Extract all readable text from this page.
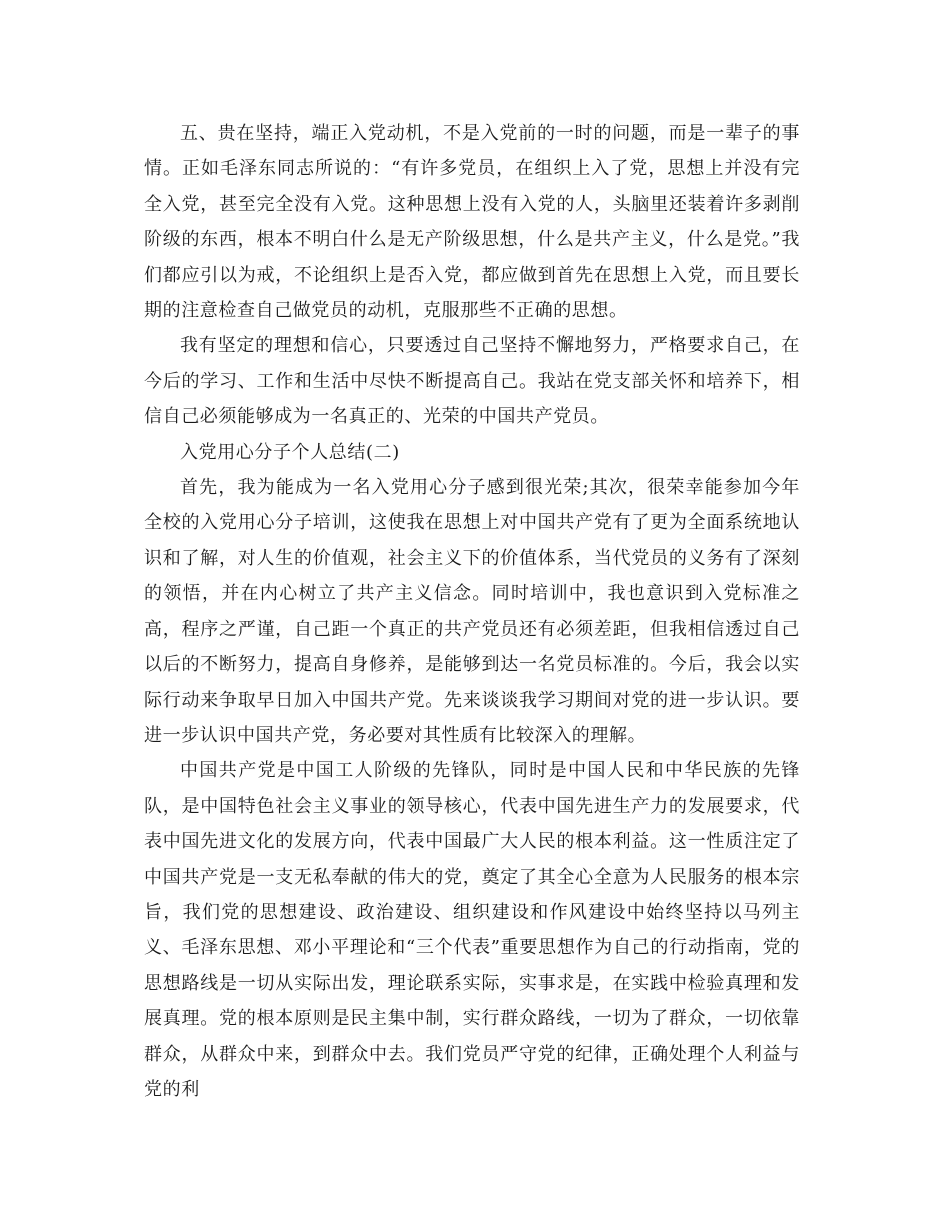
五、贵在坚持，端正入党动机，不是入党前的一时的问题，而是一辈子的事情。正如毛泽东同志所说的：“有许多党员，在组织上入了党，思想上并没有完全入党，甚至完全没有入党。这种思想上没有入党的人，头脑里还装着许多剥削阶级的东西，根本不明白什么是无产阶级思想，什么是共产主义，什么是党。”我们都应引以为戒，不论组织上是否入党，都应做到首先在思想上入党，而且要长期的注意检查自己做党员的动机，克服那些不正确的思想。

我有坚定的理想和信心，只要透过自己坚持不懈地努力，严格要求自己，在今后的学习、工作和生活中尽快不断提高自己。我站在党支部关怀和培养下，相信自己必须能够成为一名真正的、光荣的中国共产党员。

入党用心分子个人总结(二)

首先，我为能成为一名入党用心分子感到很光荣;其次，很荣幸能参加今年全校的入党用心分子培训，这使我在思想上对中国共产党有了更为全面系统地认识和了解，对人生的价值观，社会主义下的价值体系，当代党员的义务有了深刻的领悟，并在内心树立了共产主义信念。同时培训中，我也意识到入党标准之高，程序之严谨，自己距一个真正的共产党员还有必须差距，但我相信透过自己以后的不断努力，提高自身修养，是能够到达一名党员标准的。今后，我会以实际行动来争取早日加入中国共产党。先来谈谈我学习期间对党的进一步认识。要进一步认识中国共产党，务必要对其性质有比较深入的理解。

中国共产党是中国工人阶级的先锋队，同时是中国人民和中华民族的先锋队，是中国特色社会主义事业的领导核心，代表中国先进生产力的发展要求，代表中国先进文化的发展方向，代表中国最广大人民的根本利益。这一性质注定了中国共产党是一支无私奉献的伟大的党，奠定了其全心全意为人民服务的根本宗旨，我们党的思想建设、政治建设、组织建设和作风建设中始终坚持以马列主义、毛泽东思想、邓小平理论和“三个代表”重要思想作为自己的行动指南，党的思想路线是一切从实际出发，理论联系实际，实事求是，在实践中检验真理和发展真理。党的根本原则是民主集中制，实行群众路线，一切为了群众，一切依靠群众，从群众中来，到群众中去。我们党员严守党的纪律，正确处理个人利益与党的利
